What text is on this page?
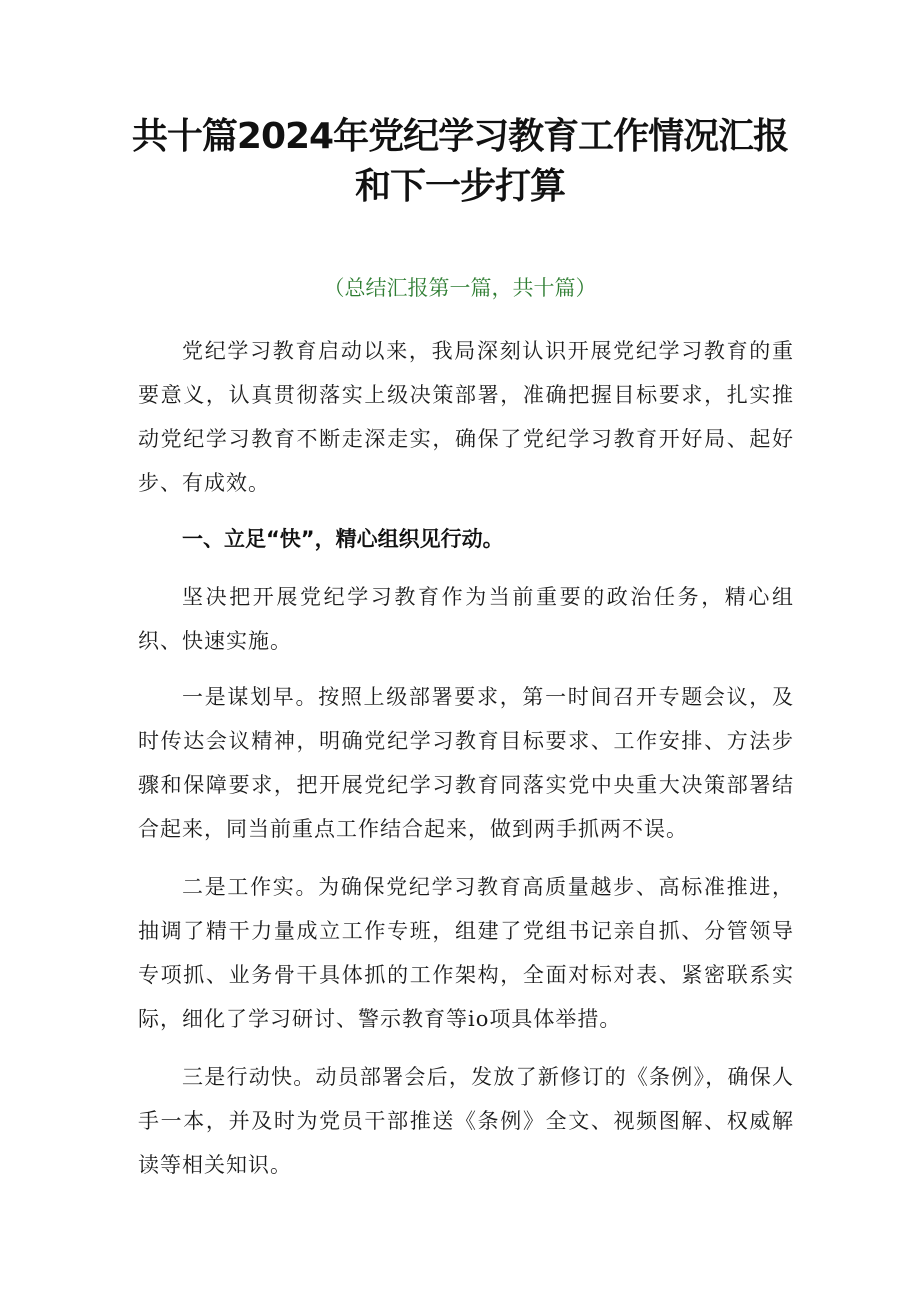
共十篇2024年党纪学习教育工作情况汇报
和下一步打算

（总结汇报第一篇，共十篇）

党纪学习教育启动以来，我局深刻认识开展党纪学习教育的重要意义，认真贯彻落实上级决策部署，准确把握目标要求，扎实推动党纪学习教育不断走深走实，确保了党纪学习教育开好局、起好步、有成效。

一、立足“快”，精心组织见行动。

坚决把开展党纪学习教育作为当前重要的政治任务，精心组织、快速实施。

一是谋划早。按照上级部署要求，第一时间召开专题会议，及时传达会议精神，明确党纪学习教育目标要求、工作安排、方法步骤和保障要求，把开展党纪学习教育同落实党中央重大决策部署结合起来，同当前重点工作结合起来，做到两手抓两不误。

二是工作实。为确保党纪学习教育高质量越步、高标准推进，抽调了精干力量成立工作专班，组建了党组书记亲自抓、分管领导专项抓、业务骨干具体抓的工作架构，全面对标对表、紧密联系实际，细化了学习研讨、警示教育等io项具体举措。

三是行动快。动员部署会后，发放了新修订的《条例》，确保人手一本，并及时为党员干部推送《条例》全文、视频图解、权威解读等相关知识。
